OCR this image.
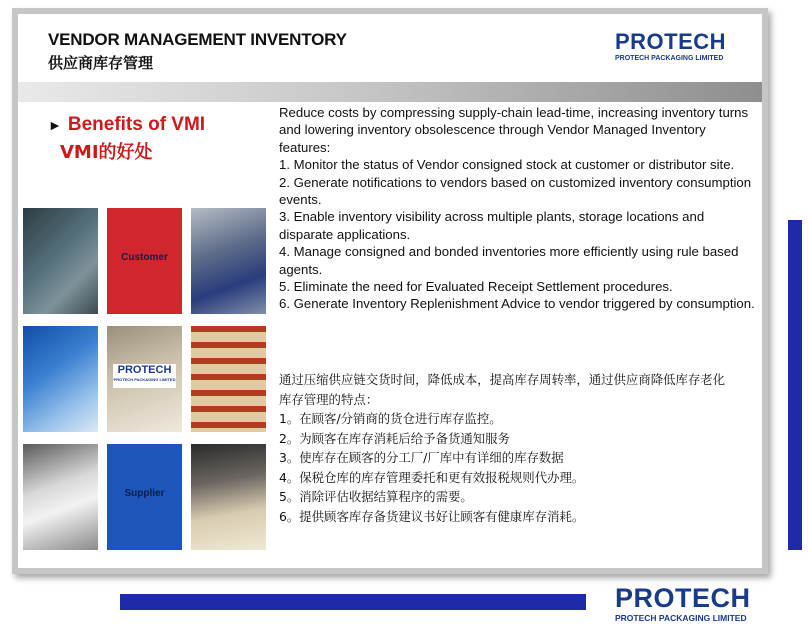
VENDOR MANAGEMENT INVENTORY
供应商库存管理
PROTECH
PROTECH PACKAGING LIMITED
► Benefits of VMI
VMI的好处
Customer
PROTECH
PROTECH PACKAGING LIMITED
Supplier

Reduce costs by compressing supply-chain lead-time, increasing inventory turns and lowering inventory obsolescence through Vendor Managed Inventory features:

1. Monitor the status of Vendor consigned stock at customer or distributor site.

2. Generate notifications to vendors based on customized inventory consumption events.

3. Enable inventory visibility across multiple plants, storage locations and disparate applications.

4. Manage consigned and bonded inventories more efficiently using rule based agents.

5. Eliminate the need for Evaluated Receipt Settlement procedures.

6. Generate Inventory Replenishment Advice to vendor triggered by consumption.

通过压缩供应链交货时间，降低成本，提高库存周转率，通过供应商降低库存老化

库存管理的特点：

1。在顾客/分销商的货仓进行库存监控。

2。为顾客在库存消耗后给予备货通知服务

3。使库存在顾客的分工厂/厂库中有详细的库存数据

4。保税仓库的库存管理委托和更有效报税规则代办理。

5。消除评估收据结算程序的需要。

6。提供顾客库存备货建议书好让顾客有健康库存消耗。

PROTECH
PROTECH PACKAGING LIMITED
